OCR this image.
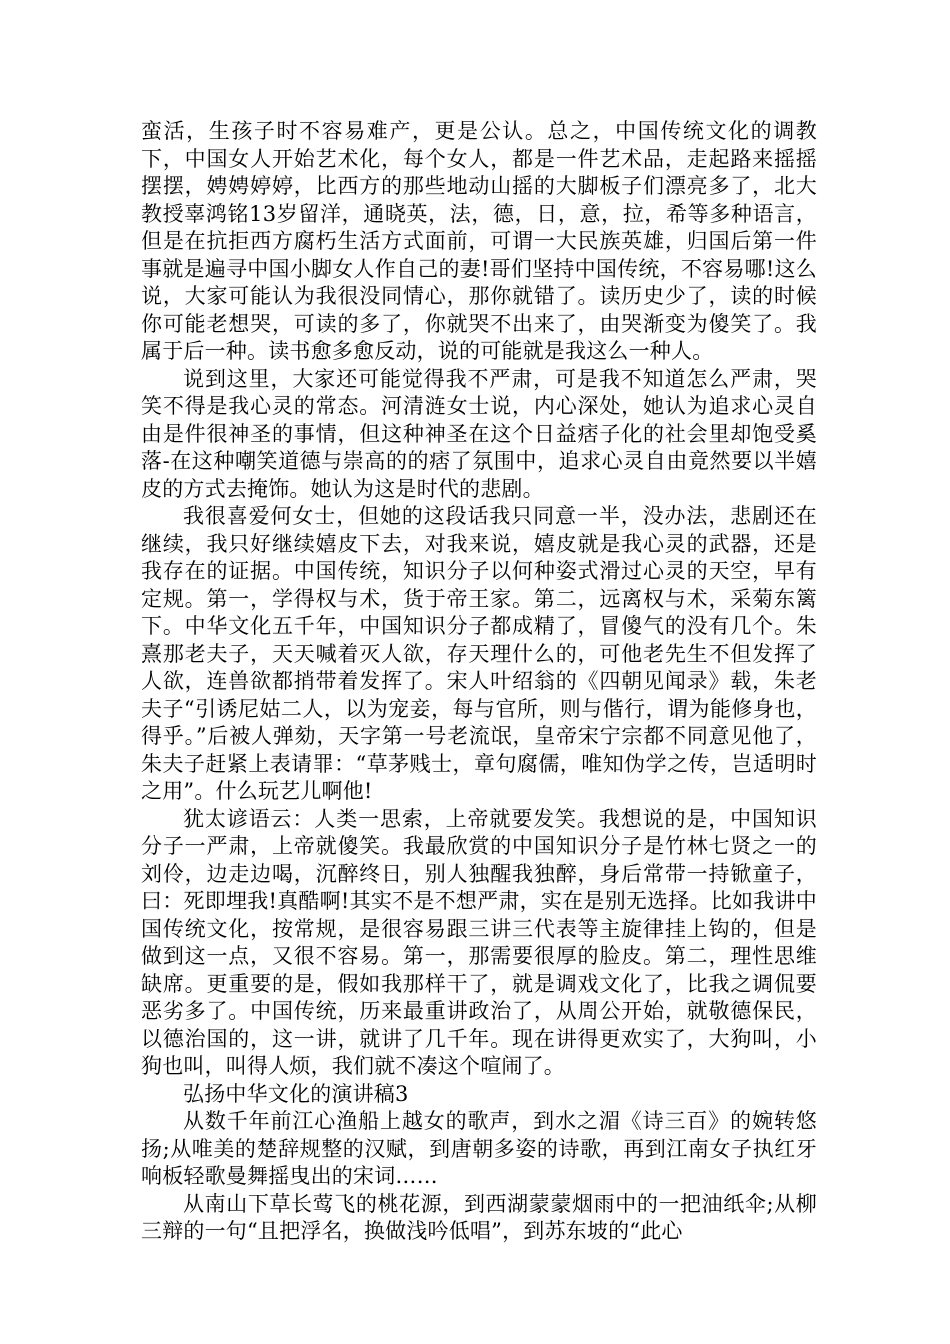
蛮活，生孩子时不容易难产，更是公认。总之，中国传统文化的调教下，中国女人开始艺术化，每个女人，都是一件艺术品，走起路来摇摇摆摆，娉娉婷婷，比西方的那些地动山摇的大脚板子们漂亮多了，北大教授辜鸿铭13岁留洋，通晓英，法，德，日，意，拉，希等多种语言，但是在抗拒西方腐朽生活方式面前，可谓一大民族英雄，归国后第一件事就是遍寻中国小脚女人作自己的妻!哥们坚持中国传统，不容易哪!这么说，大家可能认为我很没同情心，那你就错了。读历史少了，读的时候你可能老想哭，可读的多了，你就哭不出来了，由哭渐变为傻笑了。我属于后一种。读书愈多愈反动，说的可能就是我这么一种人。

说到这里，大家还可能觉得我不严肃，可是我不知道怎么严肃，哭笑不得是我心灵的常态。河清涟女士说，内心深处，她认为追求心灵自由是件很神圣的事情，但这种神圣在这个日益痞子化的社会里却饱受奚落-在这种嘲笑道德与崇高的的痞了氛围中，追求心灵自由竟然要以半嬉皮的方式去掩饰。她认为这是时代的悲剧。

我很喜爱何女士，但她的这段话我只同意一半，没办法，悲剧还在继续，我只好继续嬉皮下去，对我来说，嬉皮就是我心灵的武器，还是我存在的证据。中国传统，知识分子以何种姿式滑过心灵的天空，早有定规。第一，学得权与术，货于帝王家。第二，远离权与术，采菊东篱下。中华文化五千年，中国知识分子都成精了，冒傻气的没有几个。朱熹那老夫子，天天喊着灭人欲，存天理什么的，可他老先生不但发挥了人欲，连兽欲都捎带着发挥了。宋人叶绍翁的《四朝见闻录》载，朱老夫子“引诱尼姑二人，以为宠妾，每与官所，则与偕行，谓为能修身也，得乎。”后被人弹劾，天字第一号老流氓，皇帝宋宁宗都不同意见他了，朱夫子赶紧上表请罪：“草茅贱士，章句腐儒，唯知伪学之传，岂适明时之用”。什么玩艺儿啊他!

犹太谚语云：人类一思索，上帝就要发笑。我想说的是，中国知识分子一严肃，上帝就傻笑。我最欣赏的中国知识分子是竹林七贤之一的刘伶，边走边喝，沉醉终日，别人独醒我独醉，身后常带一持锨童子，曰：死即埋我!真酷啊!其实不是不想严肃，实在是别无选择。比如我讲中国传统文化，按常规，是很容易跟三讲三代表等主旋律挂上钩的，但是做到这一点，又很不容易。第一，那需要很厚的脸皮。第二，理性思维缺席。更重要的是，假如我那样干了，就是调戏文化了，比我之调侃要恶劣多了。中国传统，历来最重讲政治了，从周公开始，就敬德保民，以德治国的，这一讲，就讲了几千年。现在讲得更欢实了，大狗叫，小狗也叫，叫得人烦，我们就不凑这个喧闹了。

弘扬中华文化的演讲稿3

从数千年前江心渔船上越女的歌声，到水之湄《诗三百》的婉转悠扬;从唯美的楚辞规整的汉赋，到唐朝多姿的诗歌，再到江南女子执红牙响板轻歌曼舞摇曳出的宋词……

从南山下草长莺飞的桃花源，到西湖蒙蒙烟雨中的一把油纸伞;从柳三辩的一句“且把浮名，换做浅吟低唱”，到苏东坡的“此心
